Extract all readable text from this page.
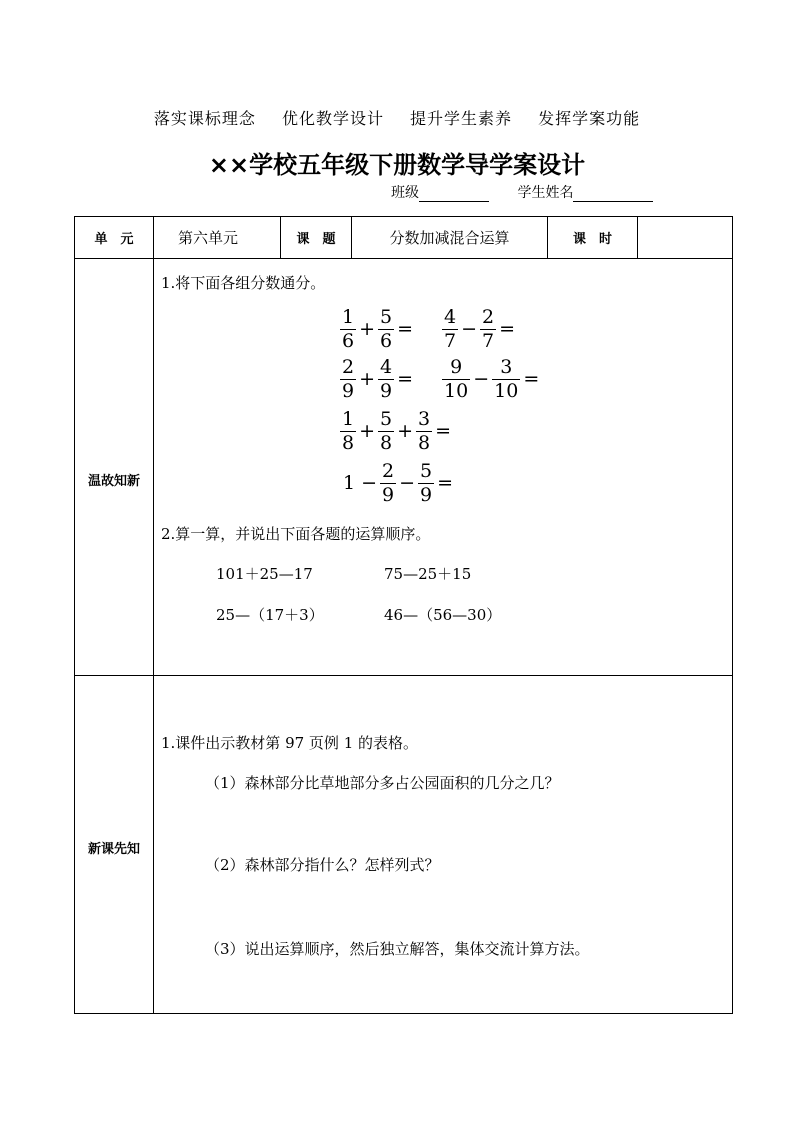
落实课标理念 优化教学设计 提升学生素养 发挥学案功能
××学校五年级下册数学导学案设计
班级	学生姓名
单　元	第六单元	课　题	分数加减混合运算	课　时
温故知新
1.将下面各组分数通分。
$\frac{1}{6} + \frac{5}{6} = \frac{4}{7} - \frac{2}{7}$ =
$\frac{2}{9} + \frac{4}{9} = \frac{9}{10} - \frac{3}{10}$ =
$\frac{1}{8} + \frac{5}{8} + \frac{3}{8}$ =
$1 - \frac{2}{9} - \frac{5}{9}$ =
2.算一算，并说出下面各题的运算顺序。
101＋25—17	75—25＋15
25—（17＋3）	46—（56—30）
新课先知
1.课件出示教材第 97 页例 1 的表格。
（1）森林部分比草地部分多占公园面积的几分之几？
（2）森林部分指什么？怎样列式？
（3）说出运算顺序，然后独立解答，集体交流计算方法。
